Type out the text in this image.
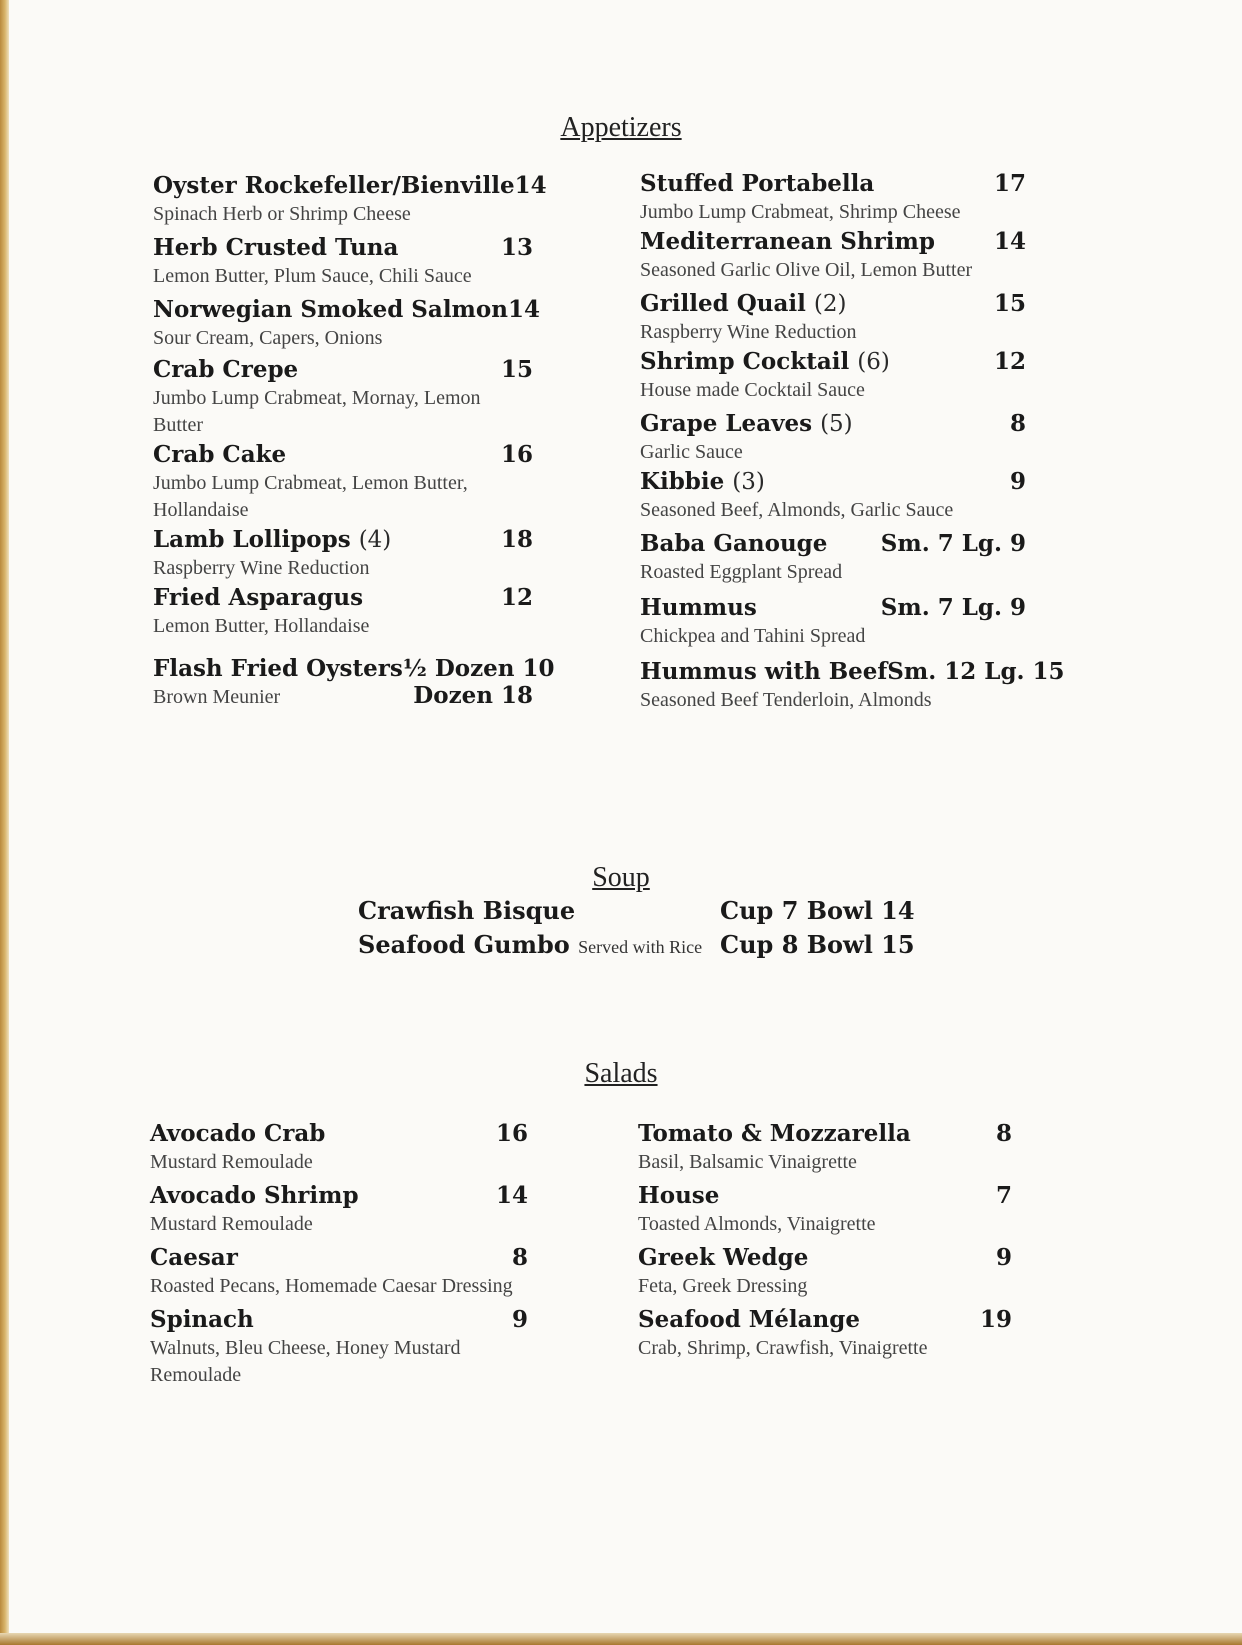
Appetizers
Oyster Rockefeller/Bienville 14
Spinach Herb or Shrimp Cheese
Herb Crusted Tuna	13
Lemon Butter, Plum Sauce, Chili Sauce
Norwegian Smoked Salmon 14
Sour Cream, Capers, Onions
Crab Crepe	15
Jumbo Lump Crabmeat, Mornay, Lemon Butter
Crab Cake	16
Jumbo Lump Crabmeat, Lemon Butter, Hollandaise
Lamb Lollipops (4)	18
Raspberry Wine Reduction
Fried Asparagus	12
Lemon Butter, Hollandaise
Flash Fried Oysters ½ Dozen 10
Brown Meunier	Dozen 18
Stuffed Portabella	17
Jumbo Lump Crabmeat, Shrimp Cheese
Mediterranean Shrimp	14
Seasoned Garlic Olive Oil, Lemon Butter
Grilled Quail (2)	15
Raspberry Wine Reduction
Shrimp Cocktail (6)	12
House made Cocktail Sauce
Grape Leaves (5)	8
Garlic Sauce
Kibbie (3)	9
Seasoned Beef, Almonds, Garlic Sauce
Baba Ganouge Sm. 7 Lg. 9
Roasted Eggplant Spread
Hummus	Sm. 7 Lg. 9
Chickpea and Tahini Spread
Hummus with Beef Sm. 12 Lg. 15
Seasoned Beef Tenderloin, Almonds
Soup
Crawfish Bisque	Cup 7 Bowl 14
Seafood Gumbo Served with Rice Cup 8 Bowl 15
Salads
Avocado Crab	16
Mustard Remoulade
Avocado Shrimp	14
Mustard Remoulade
Caesar	8
Roasted Pecans, Homemade Caesar Dressing
Spinach	9
Walnuts, Bleu Cheese, Honey Mustard Remoulade
Tomato & Mozzarella	8
Basil, Balsamic Vinaigrette
House	7
Toasted Almonds, Vinaigrette
Greek Wedge	9
Feta, Greek Dressing
Seafood Mélange	19
Crab, Shrimp, Crawfish, Vinaigrette
